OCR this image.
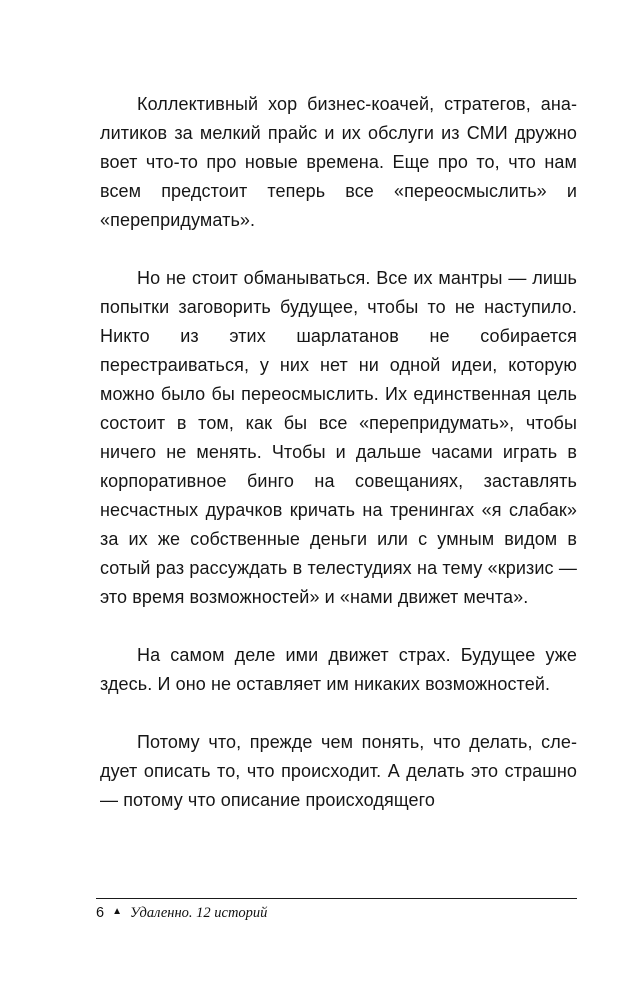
Коллективный хор бизнес-коачей, стратегов, аналитиков за мелкий прайс и их обслуги из СМИ дружно воет что-то про новые времена. Еще про то, что нам всем предстоит теперь все «переосмыслить» и «перепридумать».

Но не стоит обманываться. Все их мантры — лишь попытки заговорить будущее, чтобы то не наступило. Никто из этих шарлатанов не собирается перестраиваться, у них нет ни одной идеи, которую можно было бы переосмыслить. Их единственная цель состоит в том, как бы все «перепридумать», чтобы ничего не менять. Чтобы и дальше часами играть в корпоративное бинго на совещаниях, заставлять несчастных дурачков кричать на тренингах «я слабак» за их же собственные деньги или с умным видом в сотый раз рассуждать в телестудиях на тему «кризис — это время возможностей» и «нами движет мечта».

На самом деле ими движет страх. Будущее уже здесь. И оно не оставляет им никаких возможностей.

Потому что, прежде чем понять, что делать, следует описать то, что происходит. А делать это страшно — потому что описание происходящего

6 ▲ Удаленно. 12 историй
